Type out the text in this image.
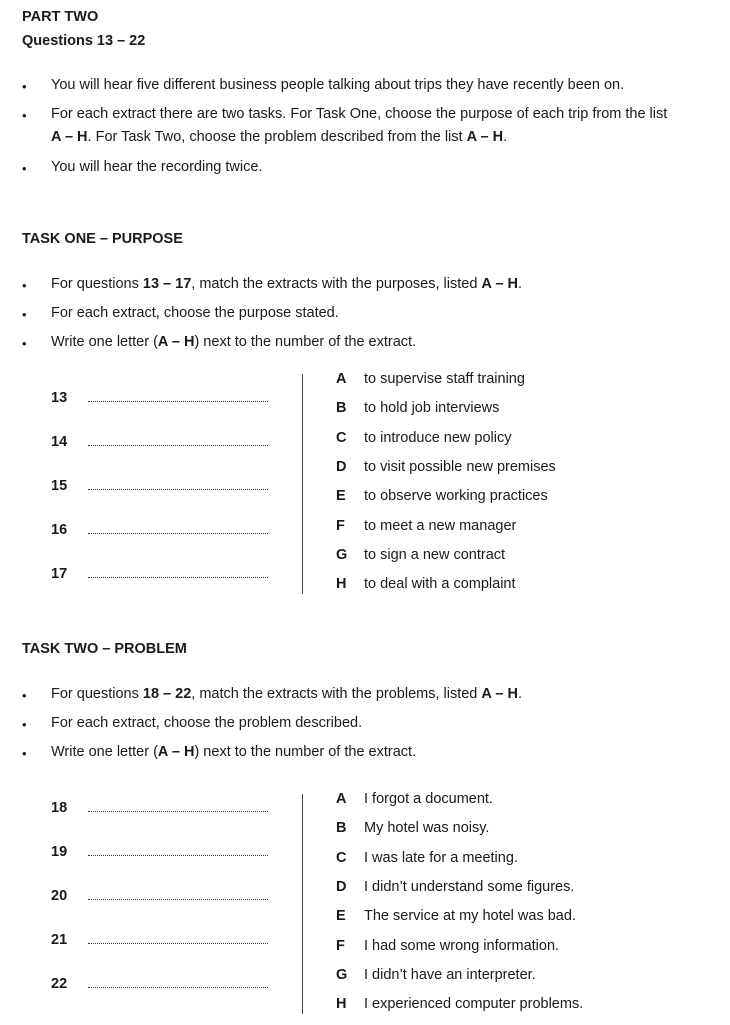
PART TWO
Questions 13 – 22
• You will hear five different business people talking about trips they have recently been on.
• For each extract there are two tasks. For Task One, choose the purpose of each trip from the list
A – H. For Task Two, choose the problem described from the list A – H.
• You will hear the recording twice.
TASK ONE – PURPOSE
• For questions 13 – 17, match the extracts with the purposes, listed A – H.
• For each extract, choose the purpose stated.
• Write one letter (A – H) next to the number of the extract.
13
14
15
16
17
A to supervise staff training
B to hold job interviews
C to introduce new policy
D to visit possible new premises
E to observe working practices
F to meet a new manager
G to sign a new contract
H to deal with a complaint
TASK TWO – PROBLEM
• For questions 18 – 22, match the extracts with the problems, listed A – H.
• For each extract, choose the problem described.
• Write one letter (A – H) next to the number of the extract.
18
19
20
21
22
A I forgot a document.
B My hotel was noisy.
C I was late for a meeting.
D I didn’t understand some figures.
E The service at my hotel was bad.
F I had some wrong information.
G I didn’t have an interpreter.
H I experienced computer problems.
